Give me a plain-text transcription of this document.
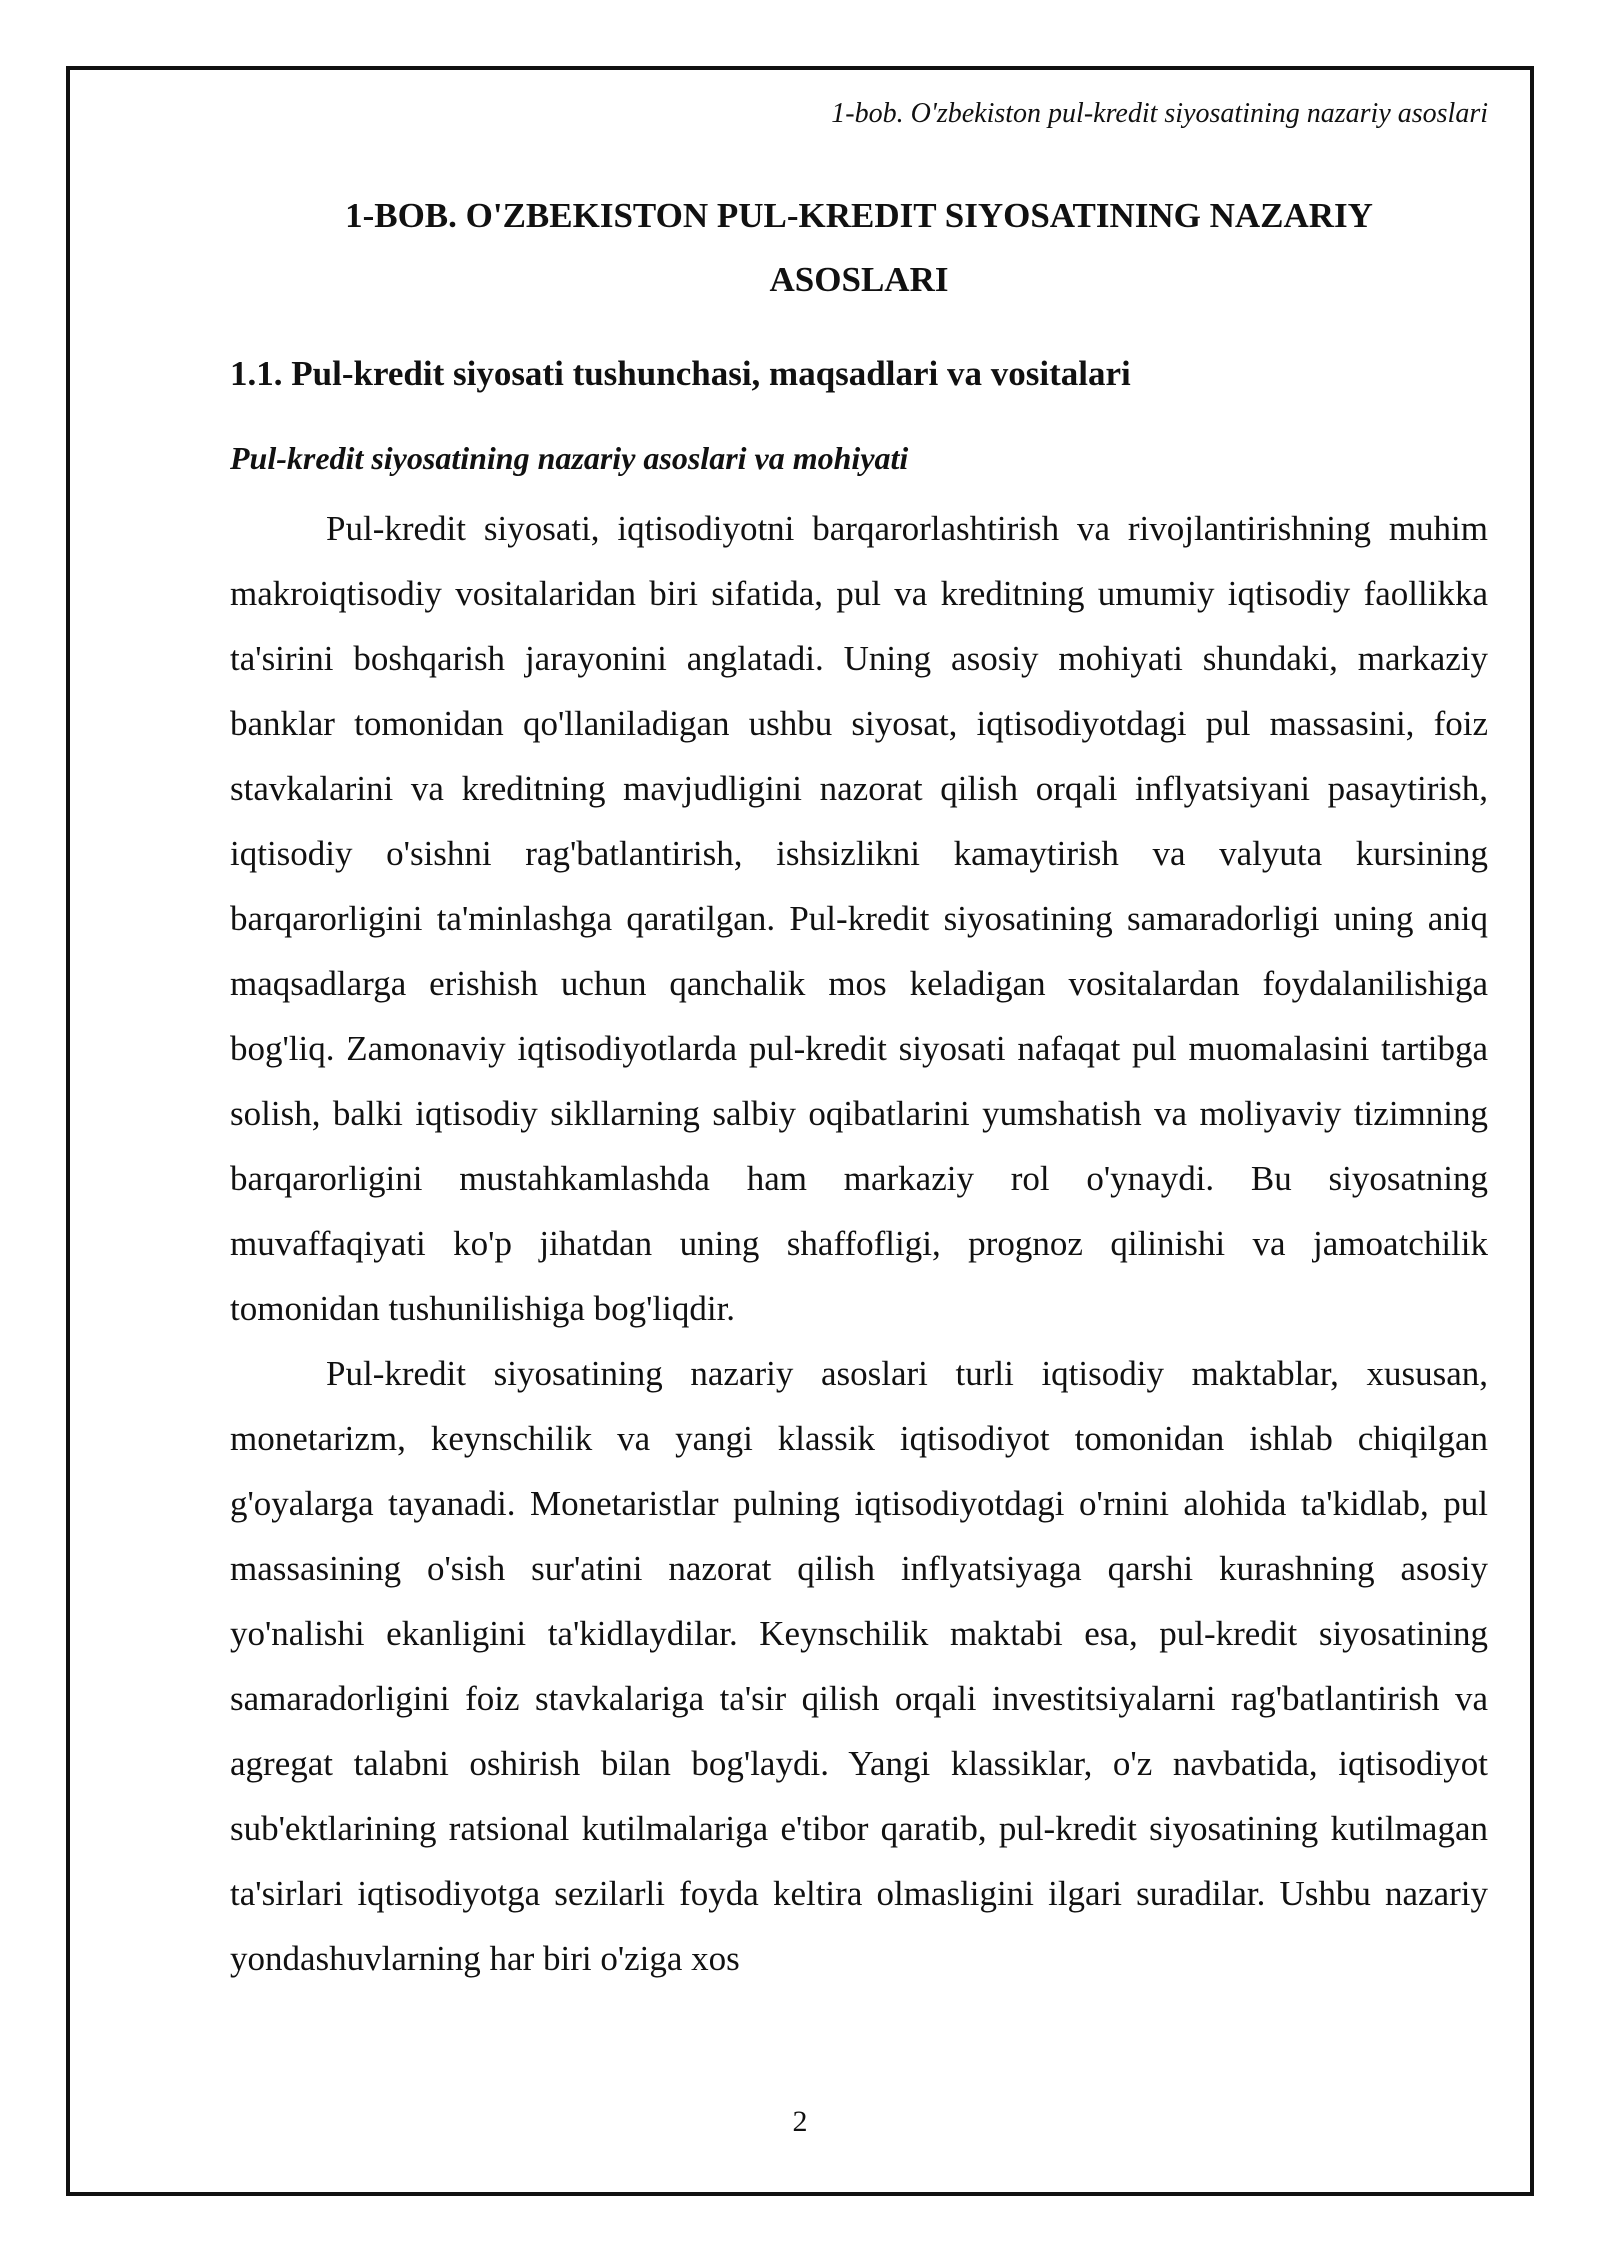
1-bob. O'zbekiston pul-kredit siyosatining nazariy asoslari
1-BOB. O'ZBEKISTON PUL-KREDIT SIYOSATINING NAZARIY
ASOSLARI
1.1. Pul-kredit siyosati tushunchasi, maqsadlari va vositalari
Pul-kredit siyosatining nazariy asoslari va mohiyati

Pul-kredit siyosati, iqtisodiyotni barqarorlashtirish va rivojlantirishning muhim makroiqtisodiy vositalaridan biri sifatida, pul va kreditning umumiy iqtisodiy faollikka ta'sirini boshqarish jarayonini anglatadi. Uning asosiy mohiyati shundaki, markaziy banklar tomonidan qo'llaniladigan ushbu siyosat, iqtisodiyotdagi pul massasini, foiz stavkalarini va kreditning mavjudligini nazorat qilish orqali inflyatsiyani pasaytirish, iqtisodiy o'sishni rag'batlantirish, ishsizlikni kamaytirish va valyuta kursining barqarorligini ta'minlashga qaratilgan. Pul-kredit siyosatining samaradorligi uning aniq maqsadlarga erishish uchun qanchalik mos keladigan vositalardan foydalanilishiga bog'liq. Zamonaviy iqtisodiyotlarda pul-kredit siyosati nafaqat pul muomalasini tartibga solish, balki iqtisodiy sikllarning salbiy oqibatlarini yumshatish va moliyaviy tizimning barqarorligini mustahkamlashda ham markaziy rol o'ynaydi. Bu siyosatning muvaffaqiyati ko'p jihatdan uning shaffofligi, prognoz qilinishi va jamoatchilik tomonidan tushunilishiga bog'liqdir.

Pul-kredit siyosatining nazariy asoslari turli iqtisodiy maktablar, xususan, monetarizm, keynschilik va yangi klassik iqtisodiyot tomonidan ishlab chiqilgan g'oyalarga tayanadi. Monetaristlar pulning iqtisodiyotdagi o'rnini alohida ta'kidlab, pul massasining o'sish sur'atini nazorat qilish inflyatsiyaga qarshi kurashning asosiy yo'nalishi ekanligini ta'kidlaydilar. Keynschilik maktabi esa, pul-kredit siyosatining samaradorligini foiz stavkalariga ta'sir qilish orqali investitsiyalarni rag'batlantirish va agregat talabni oshirish bilan bog'laydi. Yangi klassiklar, o'z navbatida, iqtisodiyot sub'ektlarining ratsional kutilmalariga e'tibor qaratib, pul-kredit siyosatining kutilmagan ta'sirlari iqtisodiyotga sezilarli foyda keltira olmasligini ilgari suradilar. Ushbu nazariy yondashuvlarning har biri o'ziga xos

2
